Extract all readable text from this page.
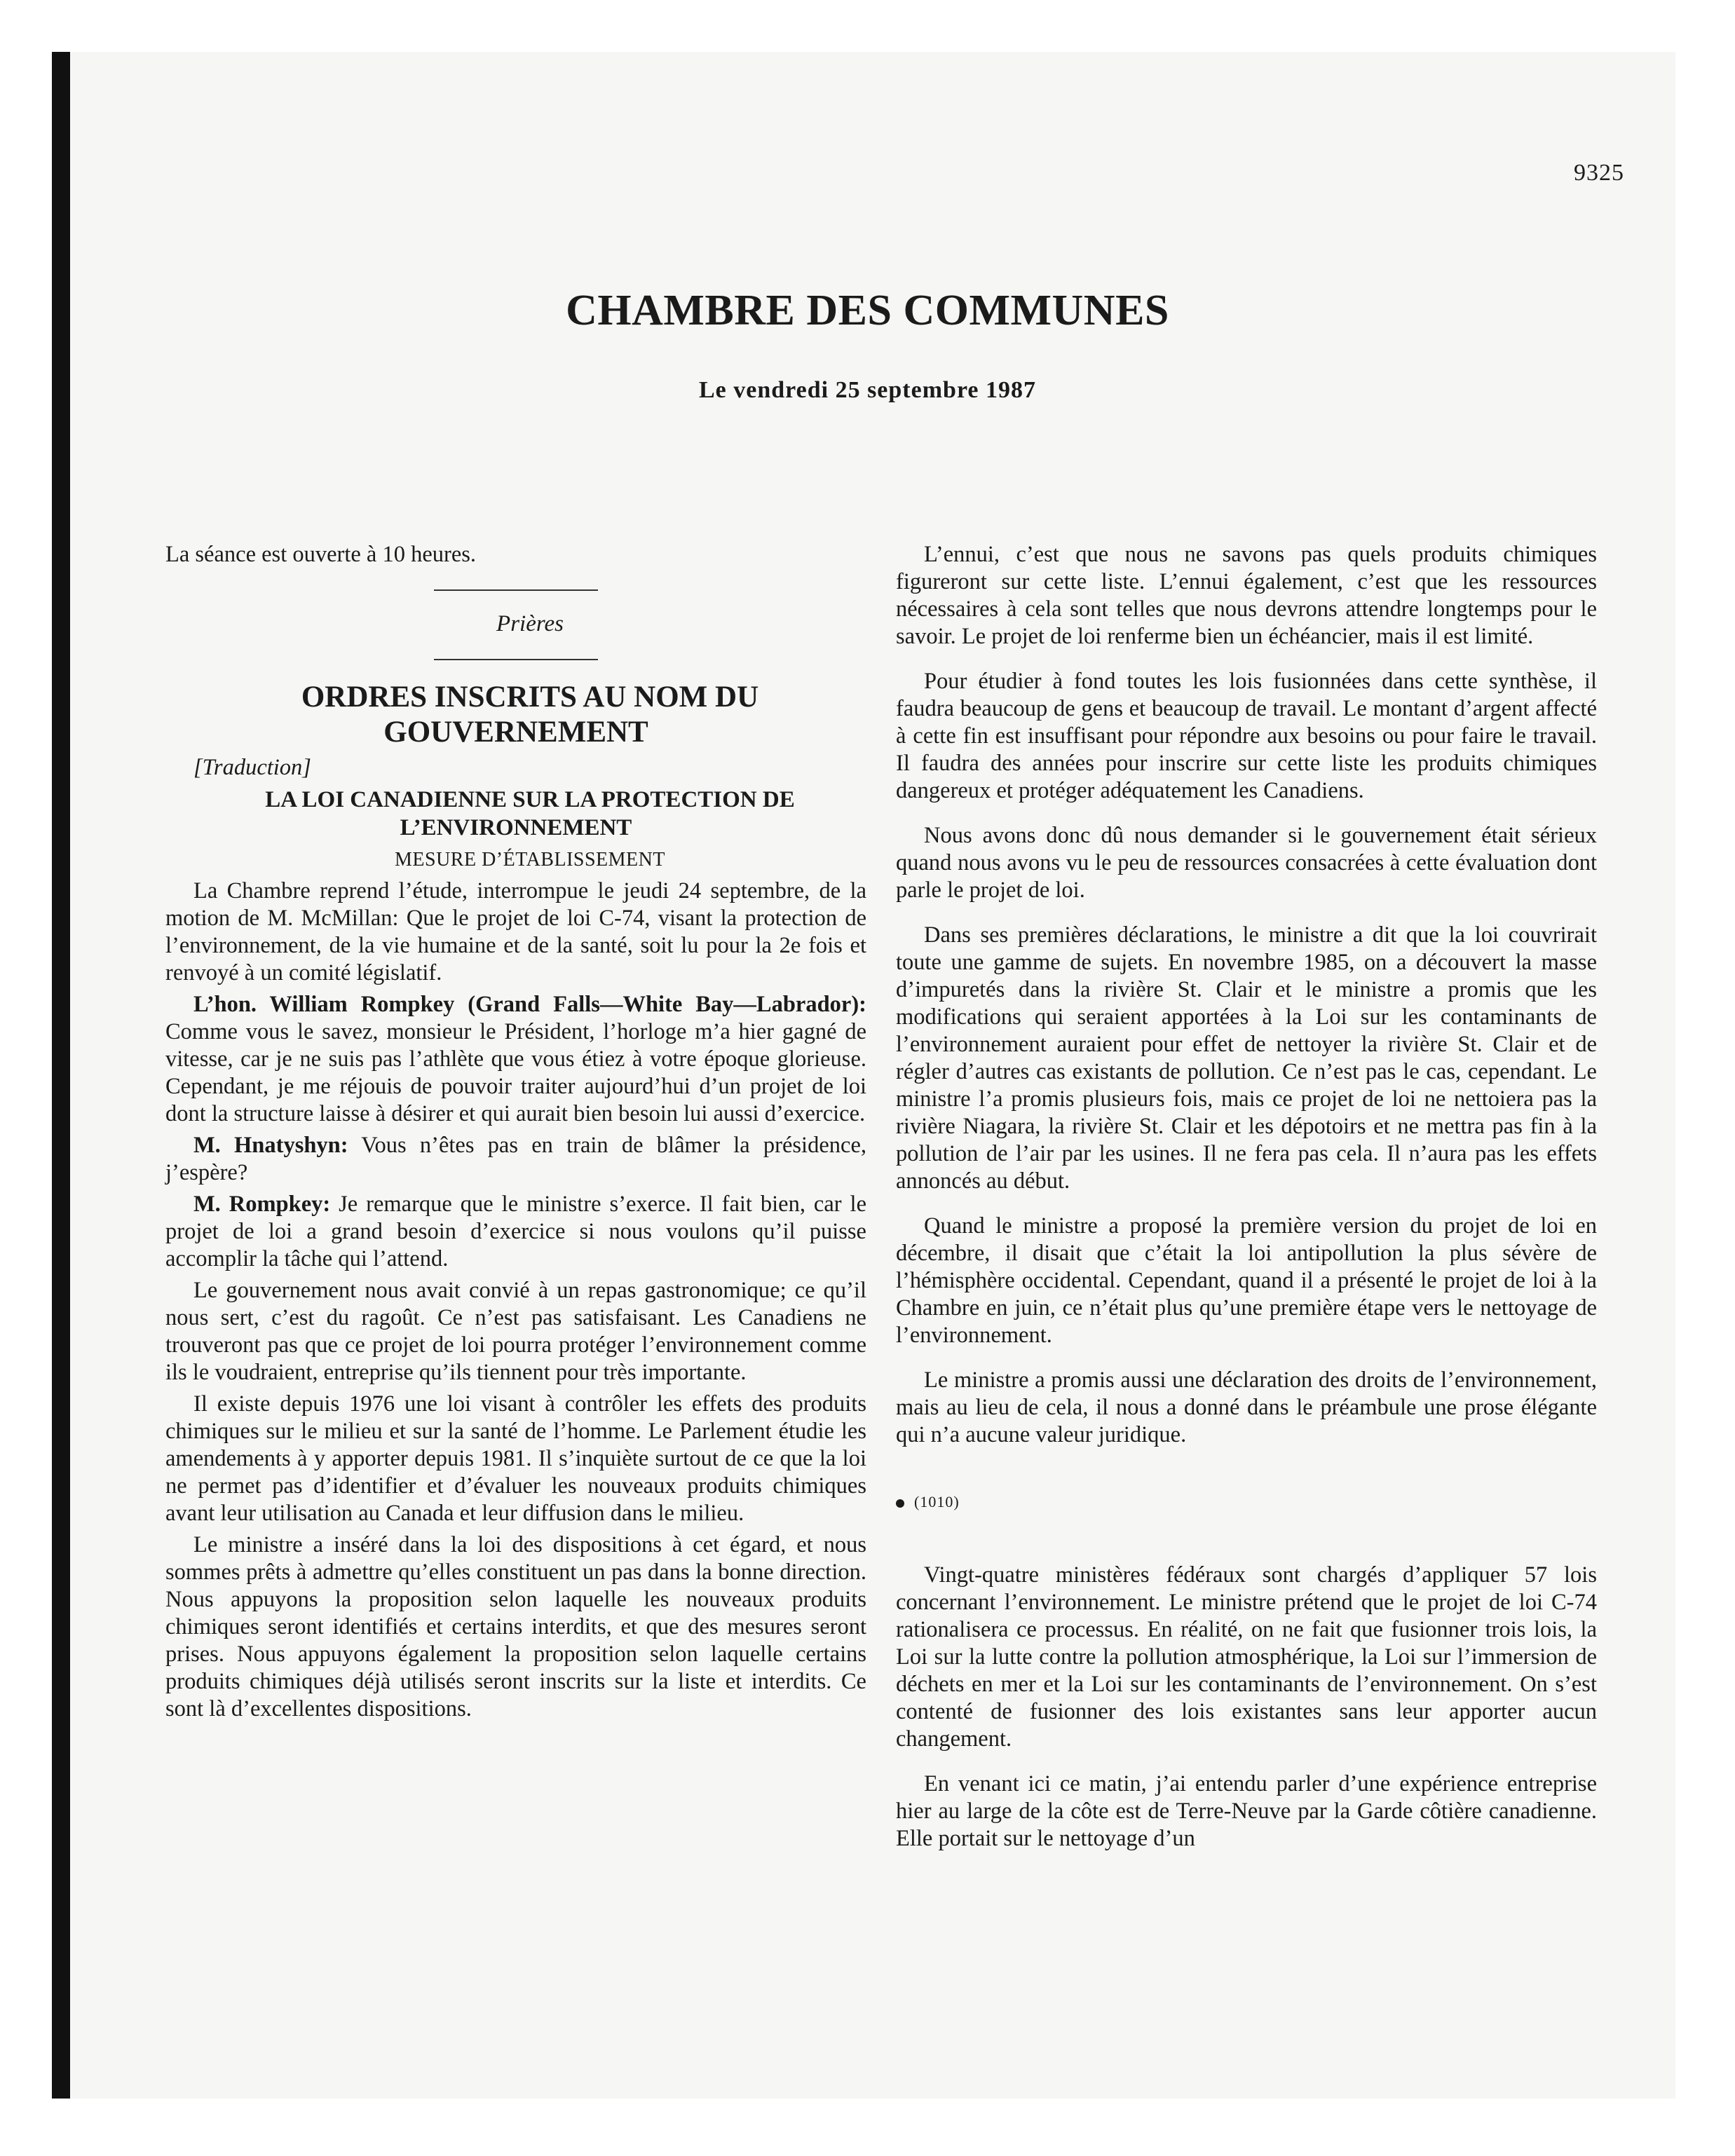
9325
CHAMBRE DES COMMUNES
Le vendredi 25 septembre 1987

La séance est ouverte à 10 heures.

Prières

ORDRES INSCRITS AU NOM DU GOUVERNEMENT

[Traduction]

LA LOI CANADIENNE SUR LA PROTECTION DE L’ENVIRONNEMENT

MESURE D’ÉTABLISSEMENT

La Chambre reprend l’étude, interrompue le jeudi 24 septembre, de la motion de M. McMillan: Que le projet de loi C-74, visant la protection de l’environnement, de la vie humaine et de la santé, soit lu pour la 2e fois et renvoyé à un comité législatif.

L’hon. William Rompkey (Grand Falls—White Bay—Labrador): Comme vous le savez, monsieur le Président, l’horloge m’a hier gagné de vitesse, car je ne suis pas l’athlète que vous étiez à votre époque glorieuse. Cependant, je me réjouis de pouvoir traiter aujourd’hui d’un projet de loi dont la structure laisse à désirer et qui aurait bien besoin lui aussi d’exercice.

M. Hnatyshyn: Vous n’êtes pas en train de blâmer la présidence, j’espère?

M. Rompkey: Je remarque que le ministre s’exerce. Il fait bien, car le projet de loi a grand besoin d’exercice si nous voulons qu’il puisse accomplir la tâche qui l’attend.

Le gouvernement nous avait convié à un repas gastronomique; ce qu’il nous sert, c’est du ragoût. Ce n’est pas satisfaisant. Les Canadiens ne trouveront pas que ce projet de loi pourra protéger l’environnement comme ils le voudraient, entreprise qu’ils tiennent pour très importante.

Il existe depuis 1976 une loi visant à contrôler les effets des produits chimiques sur le milieu et sur la santé de l’homme. Le Parlement étudie les amendements à y apporter depuis 1981. Il s’inquiète surtout de ce que la loi ne permet pas d’identifier et d’évaluer les nouveaux produits chimiques avant leur utilisation au Canada et leur diffusion dans le milieu.

Le ministre a inséré dans la loi des dispositions à cet égard, et nous sommes prêts à admettre qu’elles constituent un pas dans la bonne direction. Nous appuyons la proposition selon laquelle les nouveaux produits chimiques seront identifiés et certains interdits, et que des mesures seront prises. Nous appuyons également la proposition selon laquelle certains produits chimiques déjà utilisés seront inscrits sur la liste et interdits. Ce sont là d’excellentes dispositions.

L’ennui, c’est que nous ne savons pas quels produits chimiques figureront sur cette liste. L’ennui également, c’est que les ressources nécessaires à cela sont telles que nous devrons attendre longtemps pour le savoir. Le projet de loi renferme bien un échéancier, mais il est limité.

Pour étudier à fond toutes les lois fusionnées dans cette synthèse, il faudra beaucoup de gens et beaucoup de travail. Le montant d’argent affecté à cette fin est insuffisant pour répondre aux besoins ou pour faire le travail. Il faudra des années pour inscrire sur cette liste les produits chimiques dangereux et protéger adéquatement les Canadiens.

Nous avons donc dû nous demander si le gouvernement était sérieux quand nous avons vu le peu de ressources consacrées à cette évaluation dont parle le projet de loi.

Dans ses premières déclarations, le ministre a dit que la loi couvrirait toute une gamme de sujets. En novembre 1985, on a découvert la masse d’impuretés dans la rivière St. Clair et le ministre a promis que les modifications qui seraient apportées à la Loi sur les contaminants de l’environnement auraient pour effet de nettoyer la rivière St. Clair et de régler d’autres cas existants de pollution. Ce n’est pas le cas, cependant. Le ministre l’a promis plusieurs fois, mais ce projet de loi ne nettoiera pas la rivière Niagara, la rivière St. Clair et les dépotoirs et ne mettra pas fin à la pollution de l’air par les usines. Il ne fera pas cela. Il n’aura pas les effets annoncés au début.

Quand le ministre a proposé la première version du projet de loi en décembre, il disait que c’était la loi antipollution la plus sévère de l’hémisphère occidental. Cependant, quand il a présenté le projet de loi à la Chambre en juin, ce n’était plus qu’une première étape vers le nettoyage de l’environnement.

Le ministre a promis aussi une déclaration des droits de l’environnement, mais au lieu de cela, il nous a donné dans le préambule une prose élégante qui n’a aucune valeur juridique.

(1010)

Vingt-quatre ministères fédéraux sont chargés d’appliquer 57 lois concernant l’environnement. Le ministre prétend que le projet de loi C-74 rationalisera ce processus. En réalité, on ne fait que fusionner trois lois, la Loi sur la lutte contre la pollution atmosphérique, la Loi sur l’immersion de déchets en mer et la Loi sur les contaminants de l’environnement. On s’est contenté de fusionner des lois existantes sans leur apporter aucun changement.

En venant ici ce matin, j’ai entendu parler d’une expérience entreprise hier au large de la côte est de Terre-Neuve par la Garde côtière canadienne. Elle portait sur le nettoyage d’un
